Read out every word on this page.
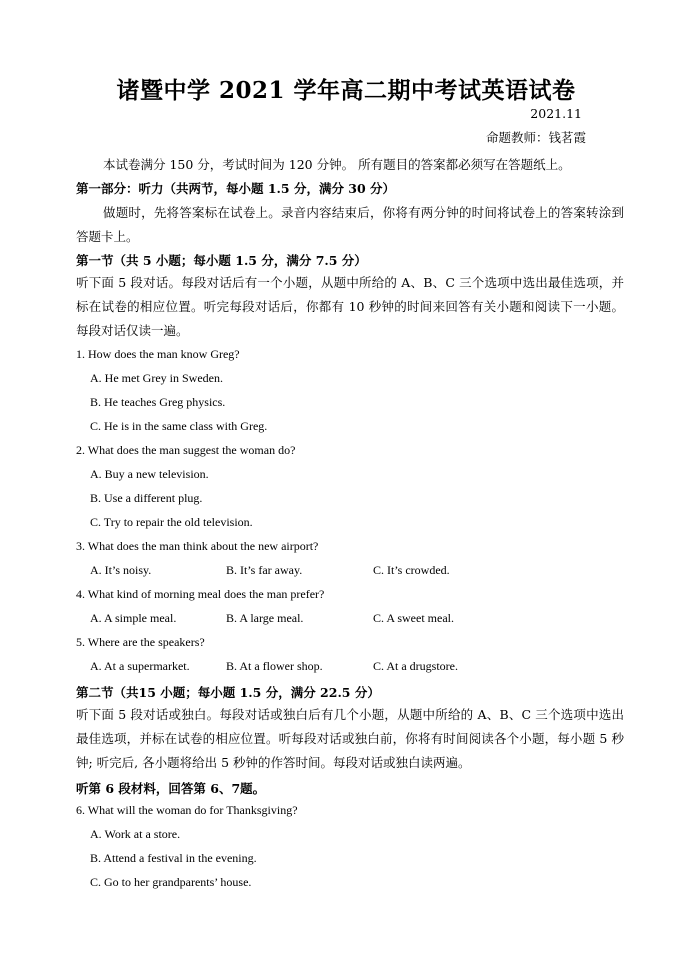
诸暨中学 2021 学年高二期中考试英语试卷
2021.11
命题教师：钱茗霞
本试卷满分 150 分，考试时间为 120 分钟。 所有题目的答案都必须写在答题纸上。
第一部分：听力（共两节，每小题 1.5 分，满分 30 分）
做题时，先将答案标在试卷上。录音内容结束后，你将有两分钟的时间将试卷上的答案转涂到答题卡上。
第一节（共 5 小题；每小题 1.5 分，满分 7.5 分）
听下面 5 段对话。每段对话后有一个小题，从题中所给的 A、B、C 三个选项中选出最佳选项，并标在试卷的相应位置。听完每段对话后，你都有 10 秒钟的时间来回答有关小题和阅读下一小题。每段对话仅读一遍。
1. How does the man know Greg?
A. He met Grey in Sweden.
B. He teaches Greg physics.
C. He is in the same class with Greg.
2. What does the man suggest the woman do?
A. Buy a new television.
B. Use a different plug.
C. Try to repair the old television.
3. What does the man think about the new airport?
A. It’s noisy.	B. It’s far away.	C. It’s crowded.
4. What kind of morning meal does the man prefer?
A. A simple meal.	B. A large meal.	C. A sweet meal.
5. Where are the speakers?
A. At a supermarket.	B. At a flower shop.	C. At a drugstore.
第二节（共15 小题；每小题 1.5 分，满分 22.5 分）
听下面 5 段对话或独白。每段对话或独白后有几个小题，从题中所给的 A、B、C 三个选项中选出最佳选项，并标在试卷的相应位置。听每段对话或独白前，你将有时间阅读各个小题，每小题 5 秒钟; 听完后, 各小题将给出 5 秒钟的作答时间。每段对话或独白读两遍。
听第 6 段材料，回答第 6、7题。
6. What will the woman do for Thanksgiving?
A. Work at a store.
B. Attend a festival in the evening.
C. Go to her grandparents’ house.
